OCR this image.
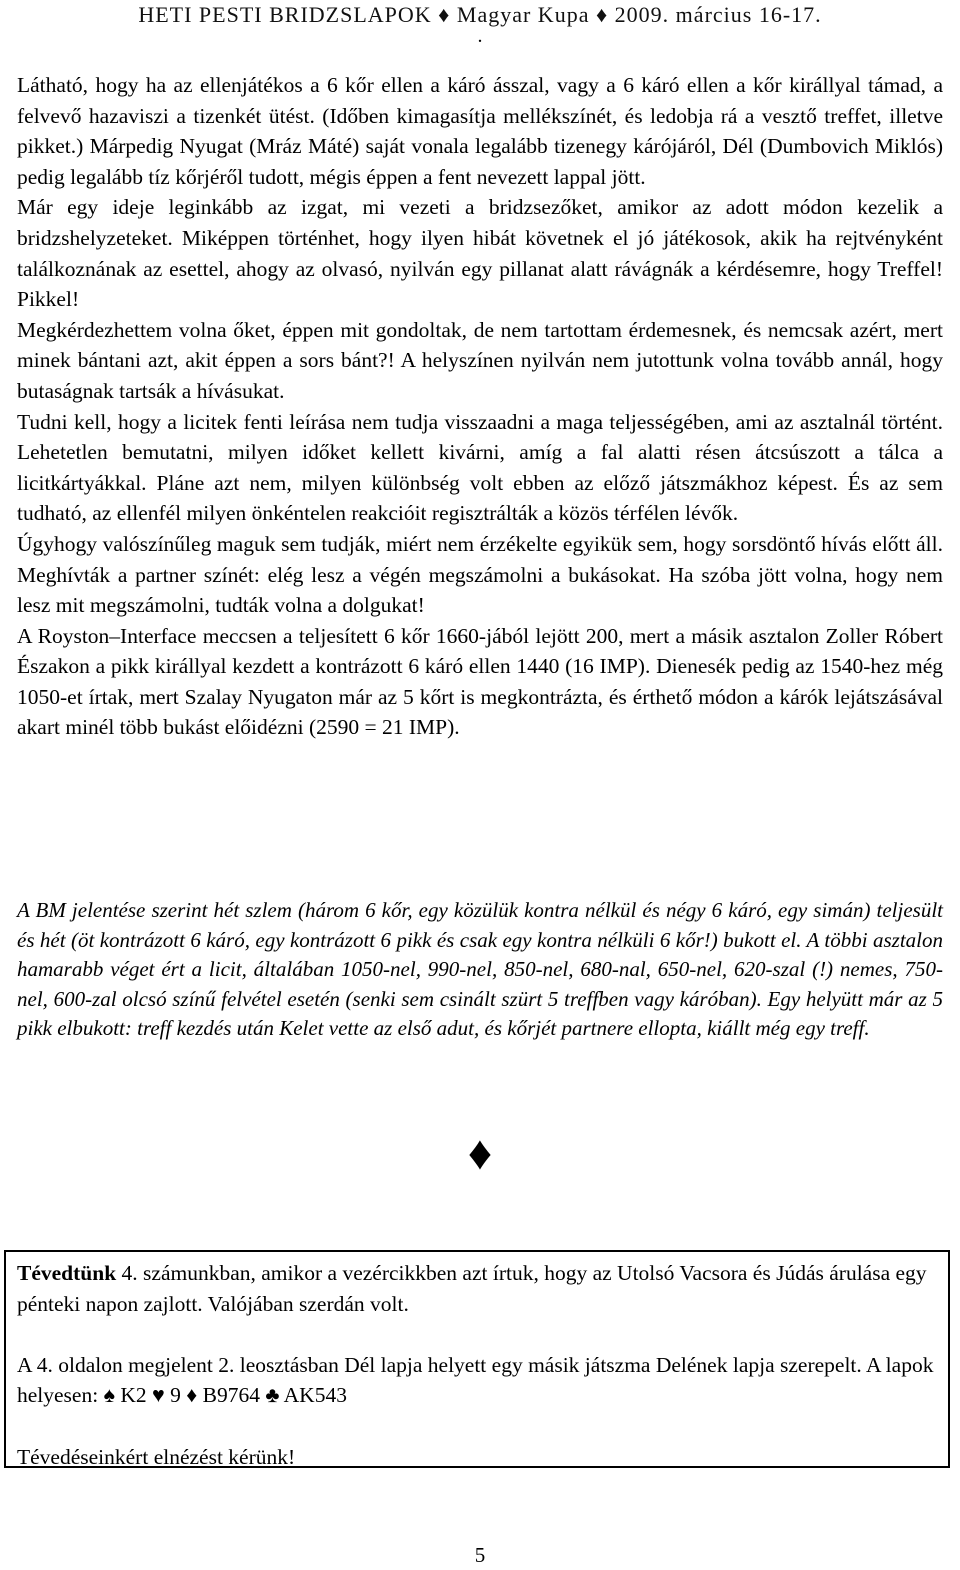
HETI PESTI BRIDZSLAPOK ♦ Magyar Kupa ♦ 2009. március 16-17.
.

Látható, hogy ha az ellenjátékos a 6 kőr ellen a káró ásszal, vagy a 6 káró ellen a kőr királlyal támad, a felvevő hazaviszi a tizenkét ütést. (Időben kimagasítja mellékszínét, és ledobja rá a vesztő treffet, illetve pikket.) Márpedig Nyugat (Mráz Máté) saját vonala legalább tizenegy kárójáról, Dél (Dumbovich Miklós) pedig legalább tíz kőrjéről tudott, mégis éppen a fent nevezett lappal jött.

Már egy ideje leginkább az izgat, mi vezeti a bridzsezőket, amikor az adott módon kezelik a bridzshelyzeteket. Miképpen történhet, hogy ilyen hibát követnek el jó játékosok, akik ha rejtvényként találkoznának az esettel, ahogy az olvasó, nyilván egy pillanat alatt rávágnák a kérdésemre, hogy Treffel! Pikkel!

Megkérdezhettem volna őket, éppen mit gondoltak, de nem tartottam érdemesnek, és nemcsak azért, mert minek bántani azt, akit éppen a sors bánt?! A helyszínen nyilván nem jutottunk volna tovább annál, hogy butaságnak tartsák a hívásukat.

Tudni kell, hogy a licitek fenti leírása nem tudja visszaadni a maga teljességében, ami az asztalnál történt. Lehetetlen bemutatni, milyen időket kellett kivárni, amíg a fal alatti résen átcsúszott a tálca a licitkártyákkal. Pláne azt nem, milyen különbség volt ebben az előző játszmákhoz képest. És az sem tudható, az ellenfél milyen önkéntelen reakcióit regisztrálták a közös térfélen lévők.

Úgyhogy valószínűleg maguk sem tudják, miért nem érzékelte egyikük sem, hogy sorsdöntő hívás előtt áll. Meghívták a partner színét: elég lesz a végén megszámolni a bukásokat. Ha szóba jött volna, hogy nem lesz mit megszámolni, tudták volna a dolgukat!

A Royston–Interface meccsen a teljesített 6 kőr 1660-jából lejött 200, mert a másik asztalon Zoller Róbert Északon a pikk királlyal kezdett a kontrázott 6 káró ellen 1440 (16 IMP). Dienesék pedig az 1540-hez még 1050-et írtak, mert Szalay Nyugaton már az 5 kőrt is megkontrázta, és érthető módon a kárók lejátszásával akart minél több bukást előidézni (2590 = 21 IMP).

A BM jelentése szerint hét szlem (három 6 kőr, egy közülük kontra nélkül és négy 6 káró, egy simán) teljesült és hét (öt kontrázott 6 káró, egy kontrázott 6 pikk és csak egy kontra nélküli 6 kőr!) bukott el. A többi asztalon hamarabb véget ért a licit, általában 1050-nel, 990-nel, 850-nel, 680-nal, 650-nel, 620-szal (!) nemes, 750-nel, 600-zal olcsó színű felvétel esetén (senki sem csinált szürt 5 treffben vagy káróban). Egy helyütt már az 5 pikk elbukott: treff kezdés után Kelet vette az első adut, és kőrjét partnere ellopta, kiállt még egy treff.

♦

Tévedtünk 4. számunkban, amikor a vezércikkben azt írtuk, hogy az Utolsó Vacsora és Júdás árulása egy pénteki napon zajlott. Valójában szerdán volt.

A 4. oldalon megjelent 2. leosztásban Dél lapja helyett egy másik játszma Delének lapja szerepelt. A lapok helyesen: ♠ K2 ♥ 9 ♦ B9764 ♣ AK543

Tévedéseinkért elnézést kérünk!

5
